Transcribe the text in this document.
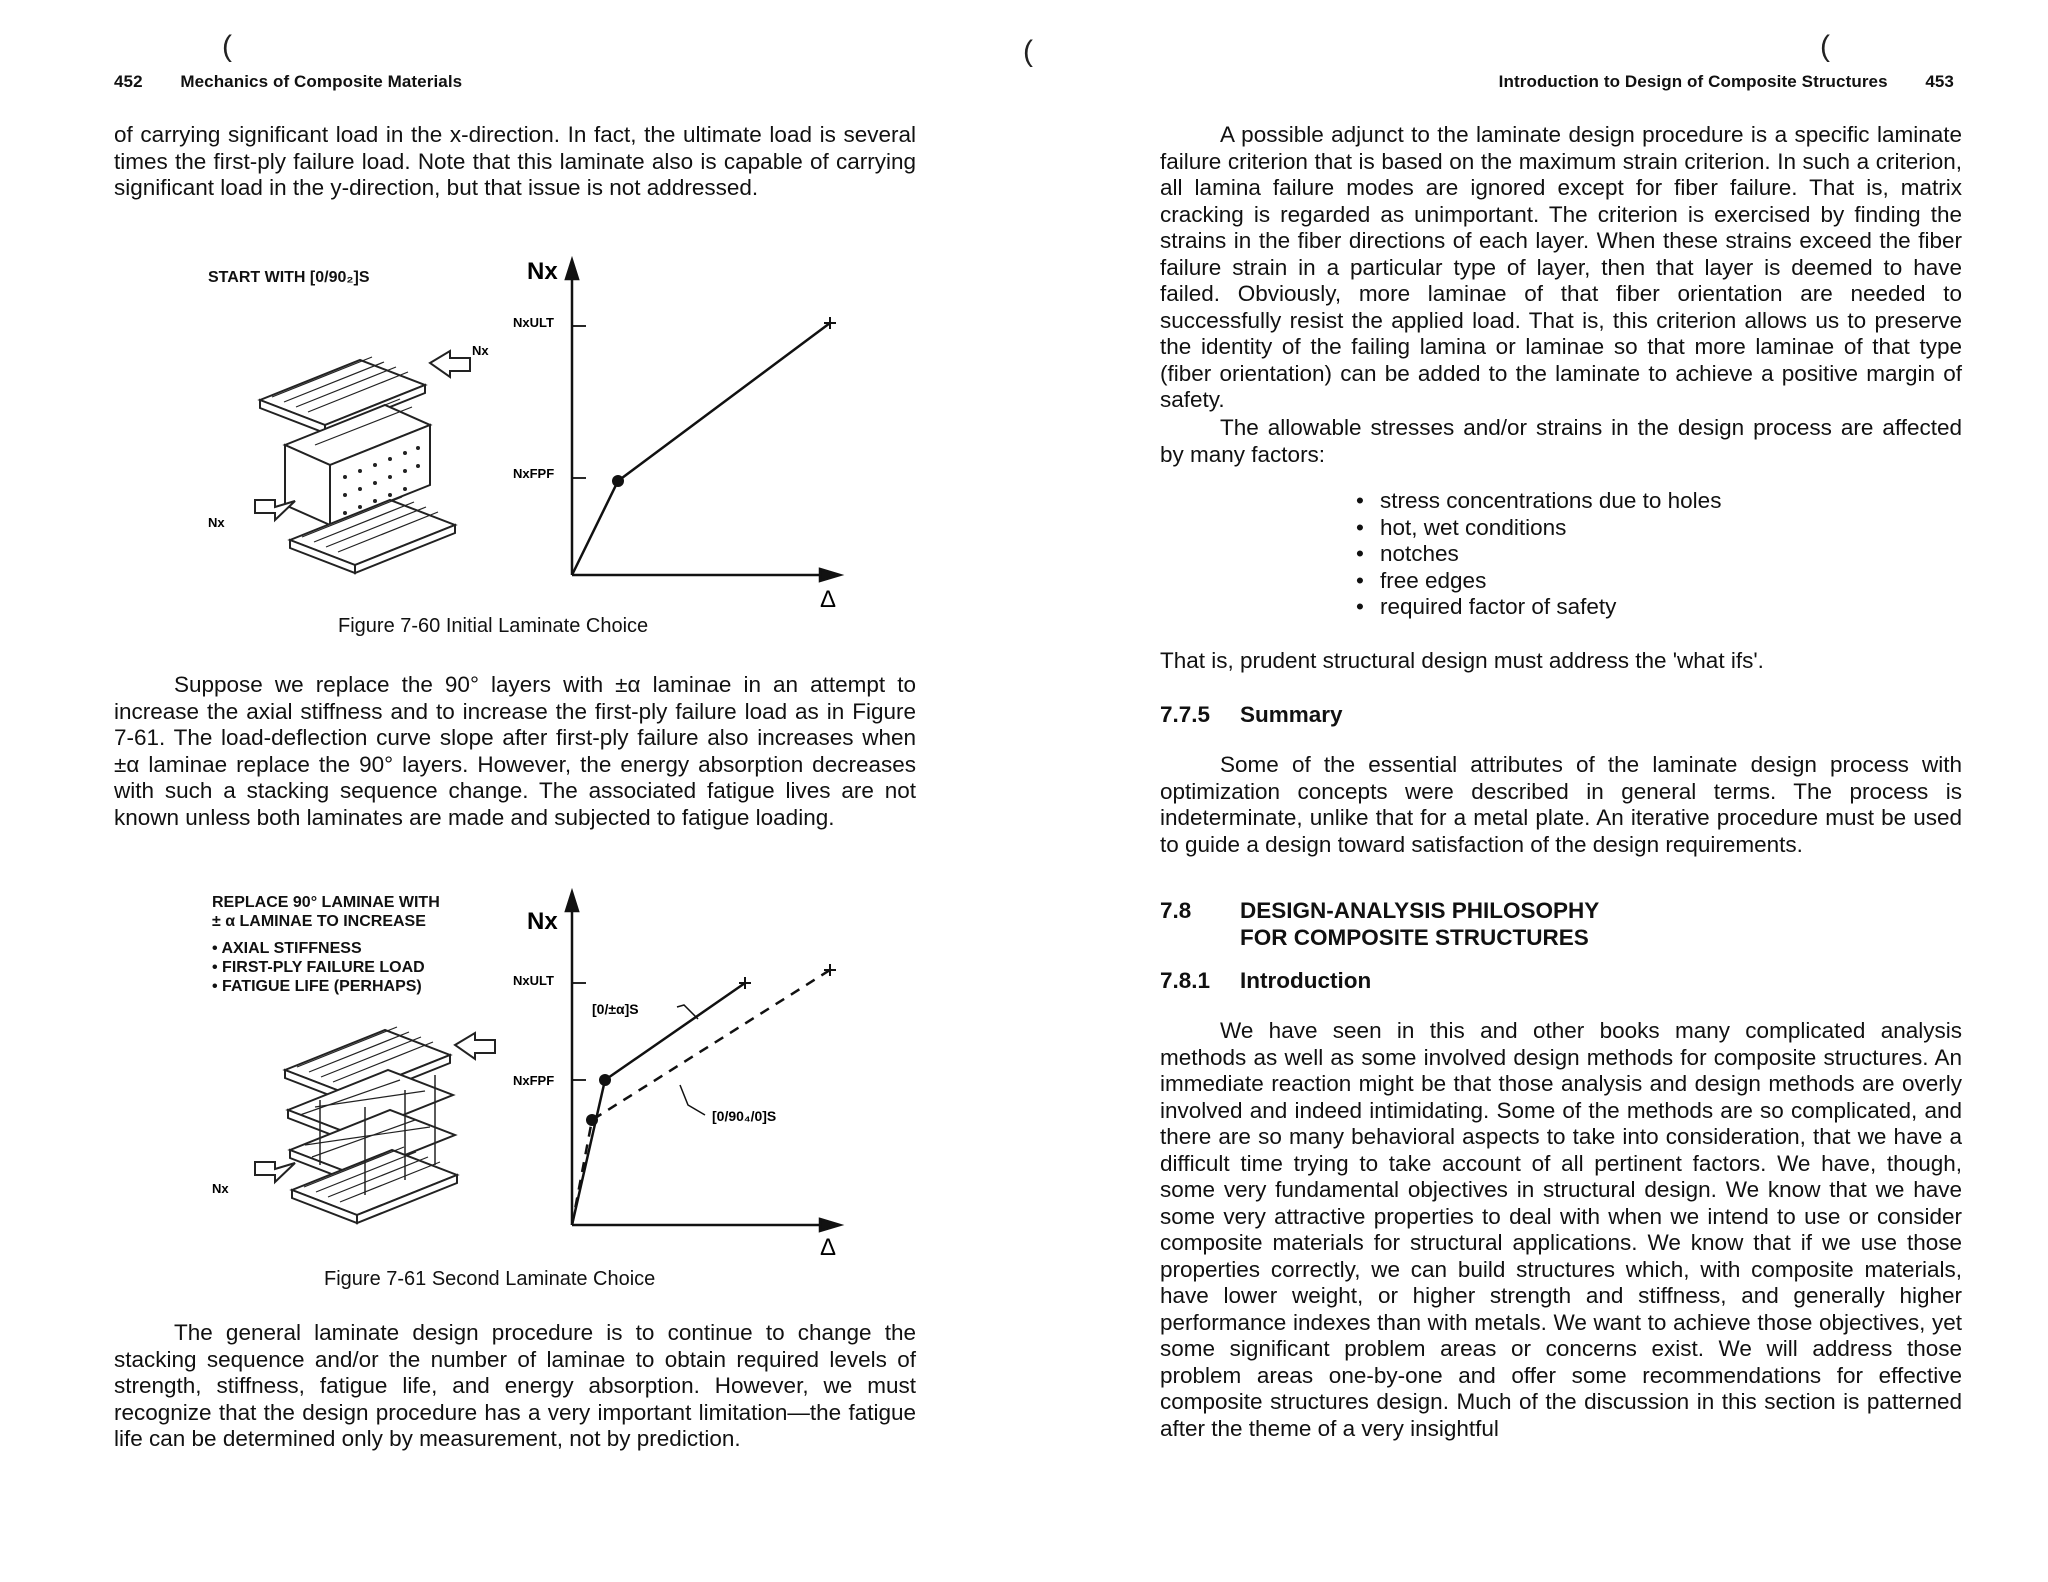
(
452 Mechanics of Composite Materials

of carrying significant load in the x-direction. In fact, the ultimate load is several times the first-ply failure load. Note that this laminate also is capable of carrying significant load in the y-direction, but that issue is not addressed.

START WITH [0/90₂]S
Nx
Nx
Nx
NxULT
NxFPF
Δ
Figure 7-60 Initial Laminate Choice

Suppose we replace the 90° layers with ±α laminae in an attempt to increase the axial stiffness and to increase the first-ply failure load as in Figure 7-61. The load-deflection curve slope after first-ply failure also increases when ±α laminae replace the 90° layers. However, the energy absorption decreases with such a stacking sequence change. The associated fatigue lives are not known unless both laminates are made and subjected to fatigue loading.

REPLACE 90° LAMINAE WITH
± α LAMINAE TO INCREASE
• AXIAL STIFFNESS
• FIRST-PLY FAILURE LOAD
• FATIGUE LIFE (PERHAPS)
Nx
Nx
NxULT
NxFPF
[0/±α]S
[0/90₄/0]S
Δ
Figure 7-61 Second Laminate Choice

The general laminate design procedure is to continue to change the stacking sequence and/or the number of laminae to obtain required levels of strength, stiffness, fatigue life, and energy absorption. However, we must recognize that the design procedure has a very important limitation—the fatigue life can be determined only by measurement, not by prediction.

(	(
Introduction to Design of Composite Structures 453

A possible adjunct to the laminate design procedure is a specific laminate failure criterion that is based on the maximum strain criterion. In such a criterion, all lamina failure modes are ignored except for fiber failure. That is, matrix cracking is regarded as unimportant. The criterion is exercised by finding the strains in the fiber directions of each layer. When these strains exceed the fiber failure strain in a particular type of layer, then that layer is deemed to have failed. Obviously, more laminae of that fiber orientation are needed to successfully resist the applied load. That is, this criterion allows us to preserve the identity of the failing lamina or laminae so that more laminae of that type (fiber orientation) can be added to the laminate to achieve a positive margin of safety.

The allowable stresses and/or strains in the design process are affected by many factors:

• stress concentrations due to holes
• hot, wet conditions
• notches
• free edges
• required factor of safety

That is, prudent structural design must address the 'what ifs'.

7.7.5 Summary

Some of the essential attributes of the laminate design process with optimization concepts were described in general terms. The process is indeterminate, unlike that for a metal plate. An iterative procedure must be used to guide a design toward satisfaction of the design requirements.

7.8 DESIGN-ANALYSIS PHILOSOPHY
FOR COMPOSITE STRUCTURES
7.8.1 Introduction

We have seen in this and other books many complicated analysis methods as well as some involved design methods for composite structures. An immediate reaction might be that those analysis and design methods are overly involved and indeed intimidating. Some of the methods are so complicated, and there are so many behavioral aspects to take into consideration, that we have a difficult time trying to take account of all pertinent factors. We have, though, some very fundamental objectives in structural design. We know that we have some very attractive properties to deal with when we intend to use or consider composite materials for structural applications. We know that if we use those properties correctly, we can build structures which, with composite materials, have lower weight, or higher strength and stiffness, and generally higher performance indexes than with metals. We want to achieve those objectives, yet some significant problem areas or concerns exist. We will address those problem areas one-by-one and offer some recommendations for effective composite structures design. Much of the discussion in this section is patterned after the theme of a very insightful
